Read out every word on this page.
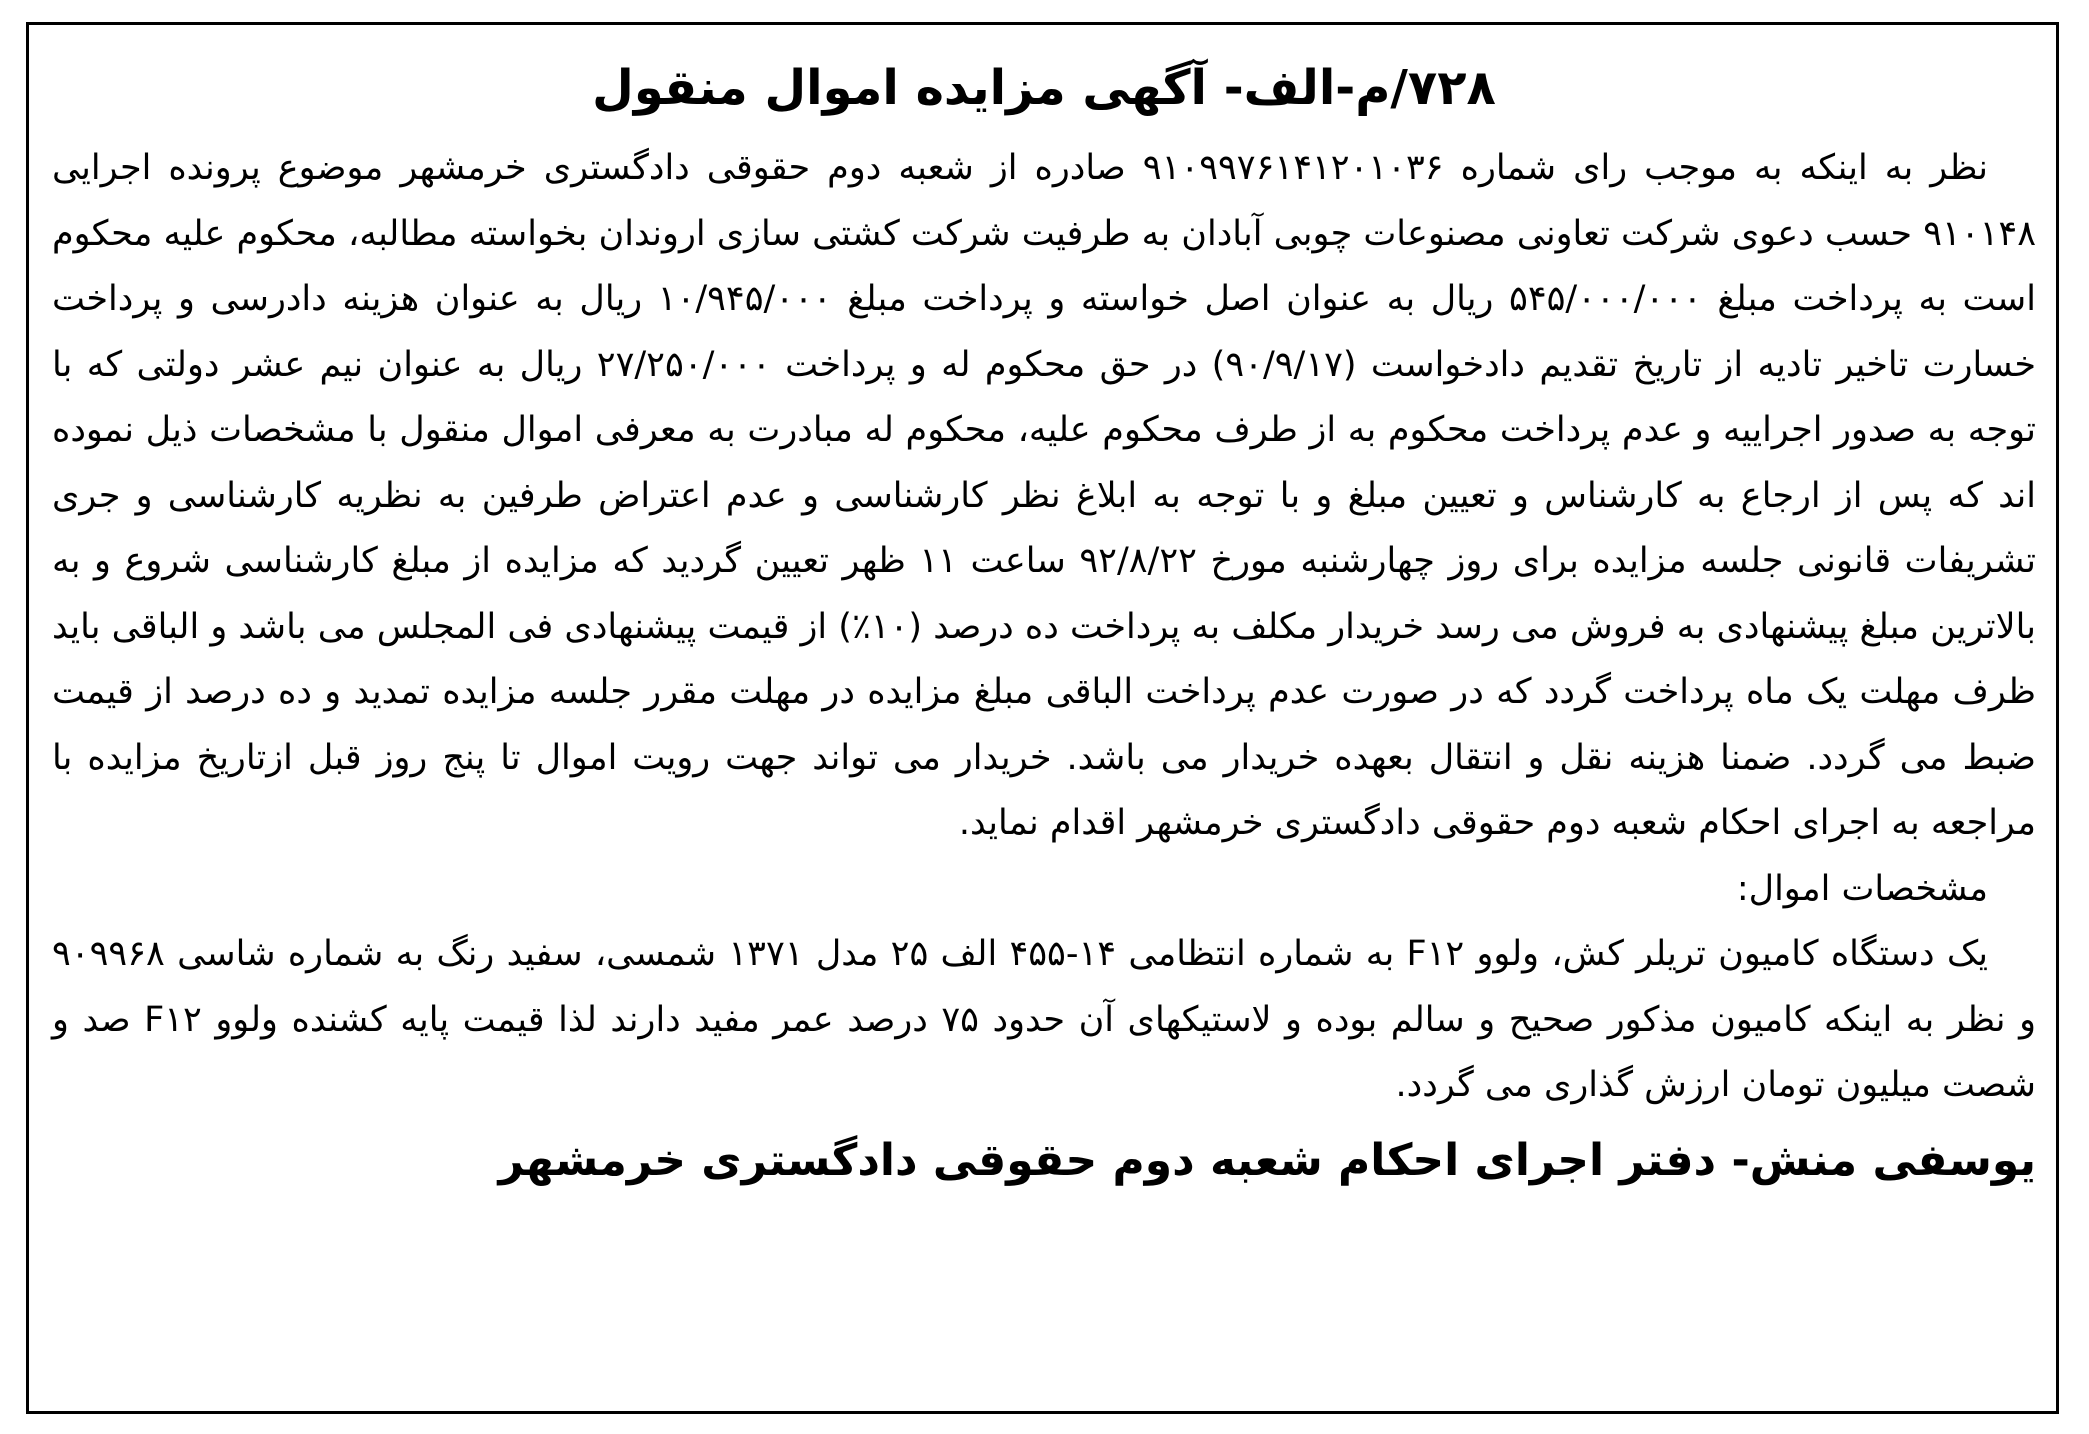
۷۲۸/م-الف- آگهی مزایده اموال منقول

نظر به اینکه به موجب رای شماره ۹۱۰۹۹۷۶۱۴۱۲۰۱۰۳۶ صادره از شعبه دوم حقوقی دادگستری خرمشهر موضوع پرونده اجرایی ۹۱۰۱۴۸ حسب دعوی شرکت تعاونی مصنوعات چوبی آبادان به طرفیت شرکت کشتی سازی اروندان بخواسته مطالبه، محکوم علیه محکوم است به پرداخت مبلغ ۵۴۵/۰۰۰/۰۰۰ ریال به عنوان اصل خواسته و پرداخت مبلغ ۱۰/۹۴۵/۰۰۰ ریال به عنوان هزینه دادرسی و پرداخت خسارت تاخیر تادیه از تاریخ تقدیم دادخواست (۹۰/۹/۱۷) در حق محکوم له و پرداخت ۲۷/۲۵۰/۰۰۰ ریال به عنوان نیم عشر دولتی که با توجه به صدور اجراییه و عدم پرداخت محکوم به از طرف محکوم علیه، محکوم له مبادرت به معرفی اموال منقول با مشخصات ذیل نموده اند که پس از ارجاع به کارشناس و تعیین مبلغ و با توجه به ابلاغ نظر کارشناسی و عدم اعتراض طرفین به نظریه کارشناسی و جری تشریفات قانونی جلسه مزایده برای روز چهارشنبه مورخ ۹۲/۸/۲۲ ساعت ۱۱ ظهر تعیین گردید که مزایده از مبلغ کارشناسی شروع و به بالاترین مبلغ پیشنهادی به فروش می رسد خریدار مکلف به پرداخت ده درصد (۱۰٪) از قیمت پیشنهادی فی المجلس می باشد و الباقی باید ظرف مهلت یک ماه پرداخت گردد که در صورت عدم پرداخت الباقی مبلغ مزایده در مهلت مقرر جلسه مزایده تمدید و ده درصد از قیمت ضبط می گردد. ضمنا هزینه نقل و انتقال بعهده خریدار می باشد. خریدار می تواند جهت رویت اموال تا پنج روز قبل ازتاریخ مزایده با مراجعه به اجرای احکام شعبه دوم حقوقی دادگستری خرمشهر اقدام نماید.

مشخصات اموال:

یک دستگاه کامیون تریلر کش، ولوو F۱۲ به شماره انتظامی ۱۴-۴۵۵ الف ۲۵ مدل ۱۳۷۱ شمسی، سفید رنگ به شماره شاسی ۹۰۹۹۶۸ و نظر به اینکه کامیون مذکور صحیح و سالم بوده و لاستیکهای آن حدود ۷۵ درصد عمر مفید دارند لذا قیمت پایه کشنده ولوو F۱۲ صد و شصت میلیون تومان ارزش گذاری می گردد.

یوسفی منش- دفتر اجرای احکام شعبه دوم حقوقی دادگستری خرمشهر
